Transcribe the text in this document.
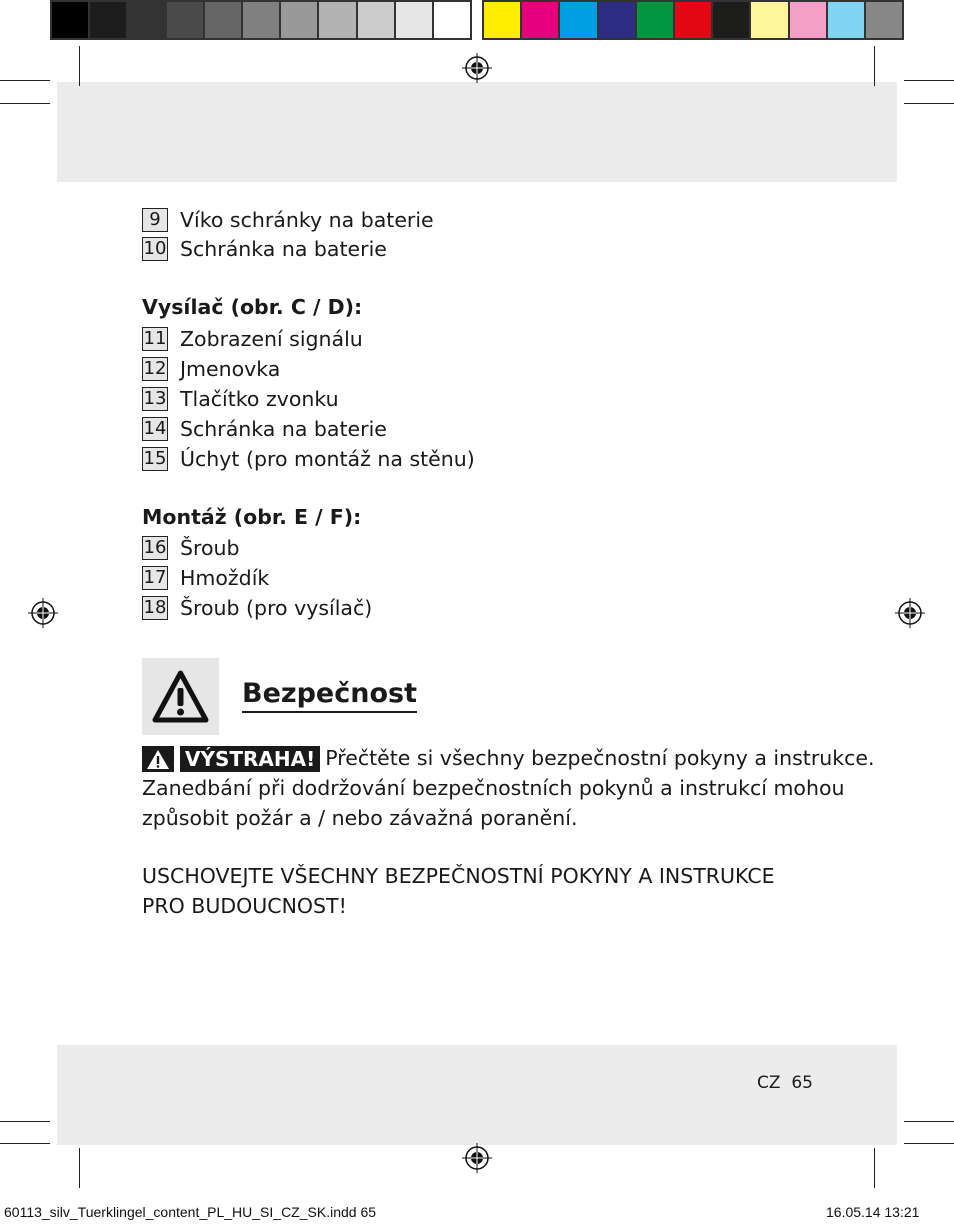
9 Víko schránky na baterie
10 Schránka na baterie
Vysílač (obr. C / D):
11 Zobrazení signálu
12 Jmenovka
13 Tlačítko zvonku
14 Schránka na baterie
15 Úchyt (pro montáž na stěnu)
Montáž (obr. E / F):
16 Šroub
17 Hmoždík
18 Šroub (pro vysílač)
Bezpečnost
VÝSTRAHA! Přečtěte si všechny bezpečnostní pokyny a instrukce.
Zanedbání při dodržování bezpečnostních pokynů a instrukcí mohou
způsobit požár a / nebo závažná poranění.
USCHOVEJTE VŠECHNY BEZPEČNOSTNÍ POKYNY A INSTRUKCE
PRO BUDOUCNOST!
CZ 65
60113_silv_Tuerklingel_content_PL_HU_SI_CZ_SK.indd 65	16.05.14 13:21
